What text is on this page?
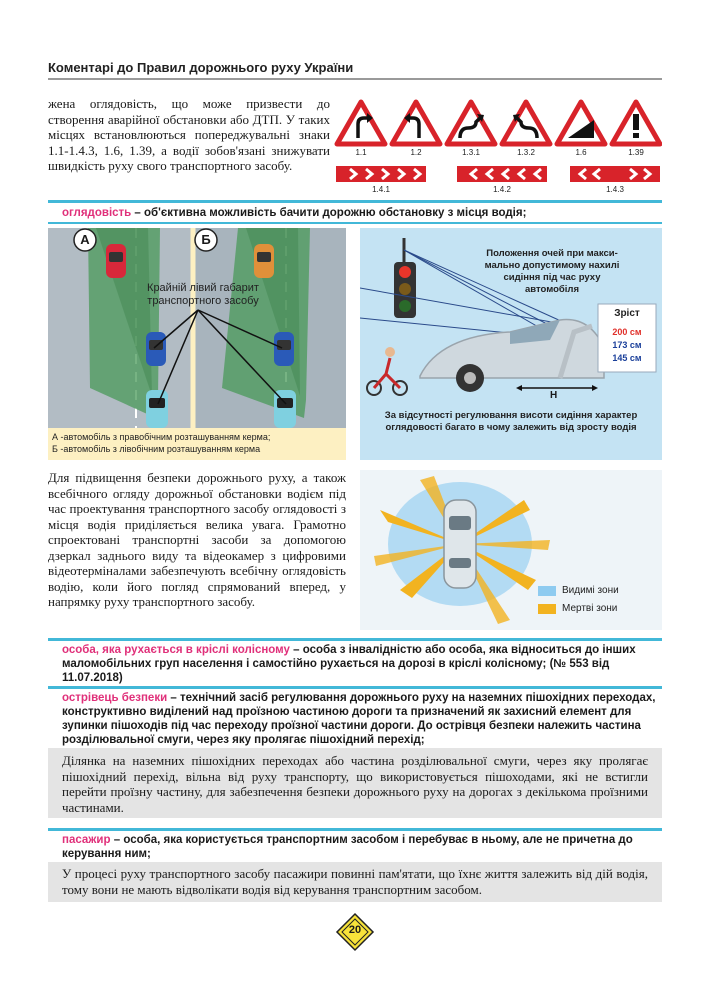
Коментарі до Правил дорожнього руху України
жена оглядовість, що може призвести до створення аварійної обстановки або ДТП. У таких місцях встановлюються попереджувальні знаки 1.1-1.4.3, 1.6, 1.39, а водії зобов'язані знижувати швидкість руху свого транспортного засобу.
1.1	1.2	1.3.1	1.3.2	1.6	1.39
1.4.1	1.4.2	1.4.3
оглядовість – об'єктивна можливість бачити дорожню обстановку з місця водія;
А	Б
Крайній лівий габарит
транспортного засобу
А -автомобіль з правобічним розташуванням керма;
Б -автомобіль з лівобічним розташуванням керма
Положення очей при макси-
мально допустимому нахилі
сидіння під час руху автомобіля
Зріст
200 см
173 см
145 см
H
За відсутності регулювання висоти сидіння характер
оглядовості багато в чому залежить від зросту водія
Для підвищення безпеки дорожнього руху, а також всебічного огляду дорожньої обстановки водієм під час проектування транспортного засобу оглядовості з місця водія приділяється велика увага. Грамотно спроектовані транспортні засоби за допомогою дзеркал заднього виду та відеокамер з цифровими відеотерміналами забезпечують всебічну оглядовість водію, коли його погляд спрямований вперед, у напрямку руху транспортного засобу.
Видимі зони
Мертві зони
особа, яка рухається в кріслі колісному – особа з інвалідністю або особа, яка відноситься до інших маломобільних груп населення і самостійно рухається на дорозі в кріслі колісному; (№ 553 від 11.07.2018)
острівець безпеки – технічний засіб регулювання дорожнього руху на наземних пішохідних переходах, конструктивно виділений над проїзною частиною дороги та призначений як захисний елемент для зупинки пішоходів під час переходу проїзної частини дороги. До острівця безпеки належить частина розділювальної смуги, через яку пролягає пішохідний перехід;
Ділянка на наземних пішохідних переходах або частина розділювальної смуги, через яку пролягає пішохідний перехід, вільна від руху транспорту, що використовується пішоходами, які не встигли перейти проїзну частину, для забезпечення безпеки дорожнього руху на дорогах з декількома проїзними частинами.
пасажир – особа, яка користується транспортним засобом і перебуває в ньому, але не причетна до керування ним;
У процесі руху транспортного засобу пасажири повинні пам'ятати, що їхнє життя залежить від дій водія, тому вони не мають відволікати водія від керування транспортним засобом.
20
